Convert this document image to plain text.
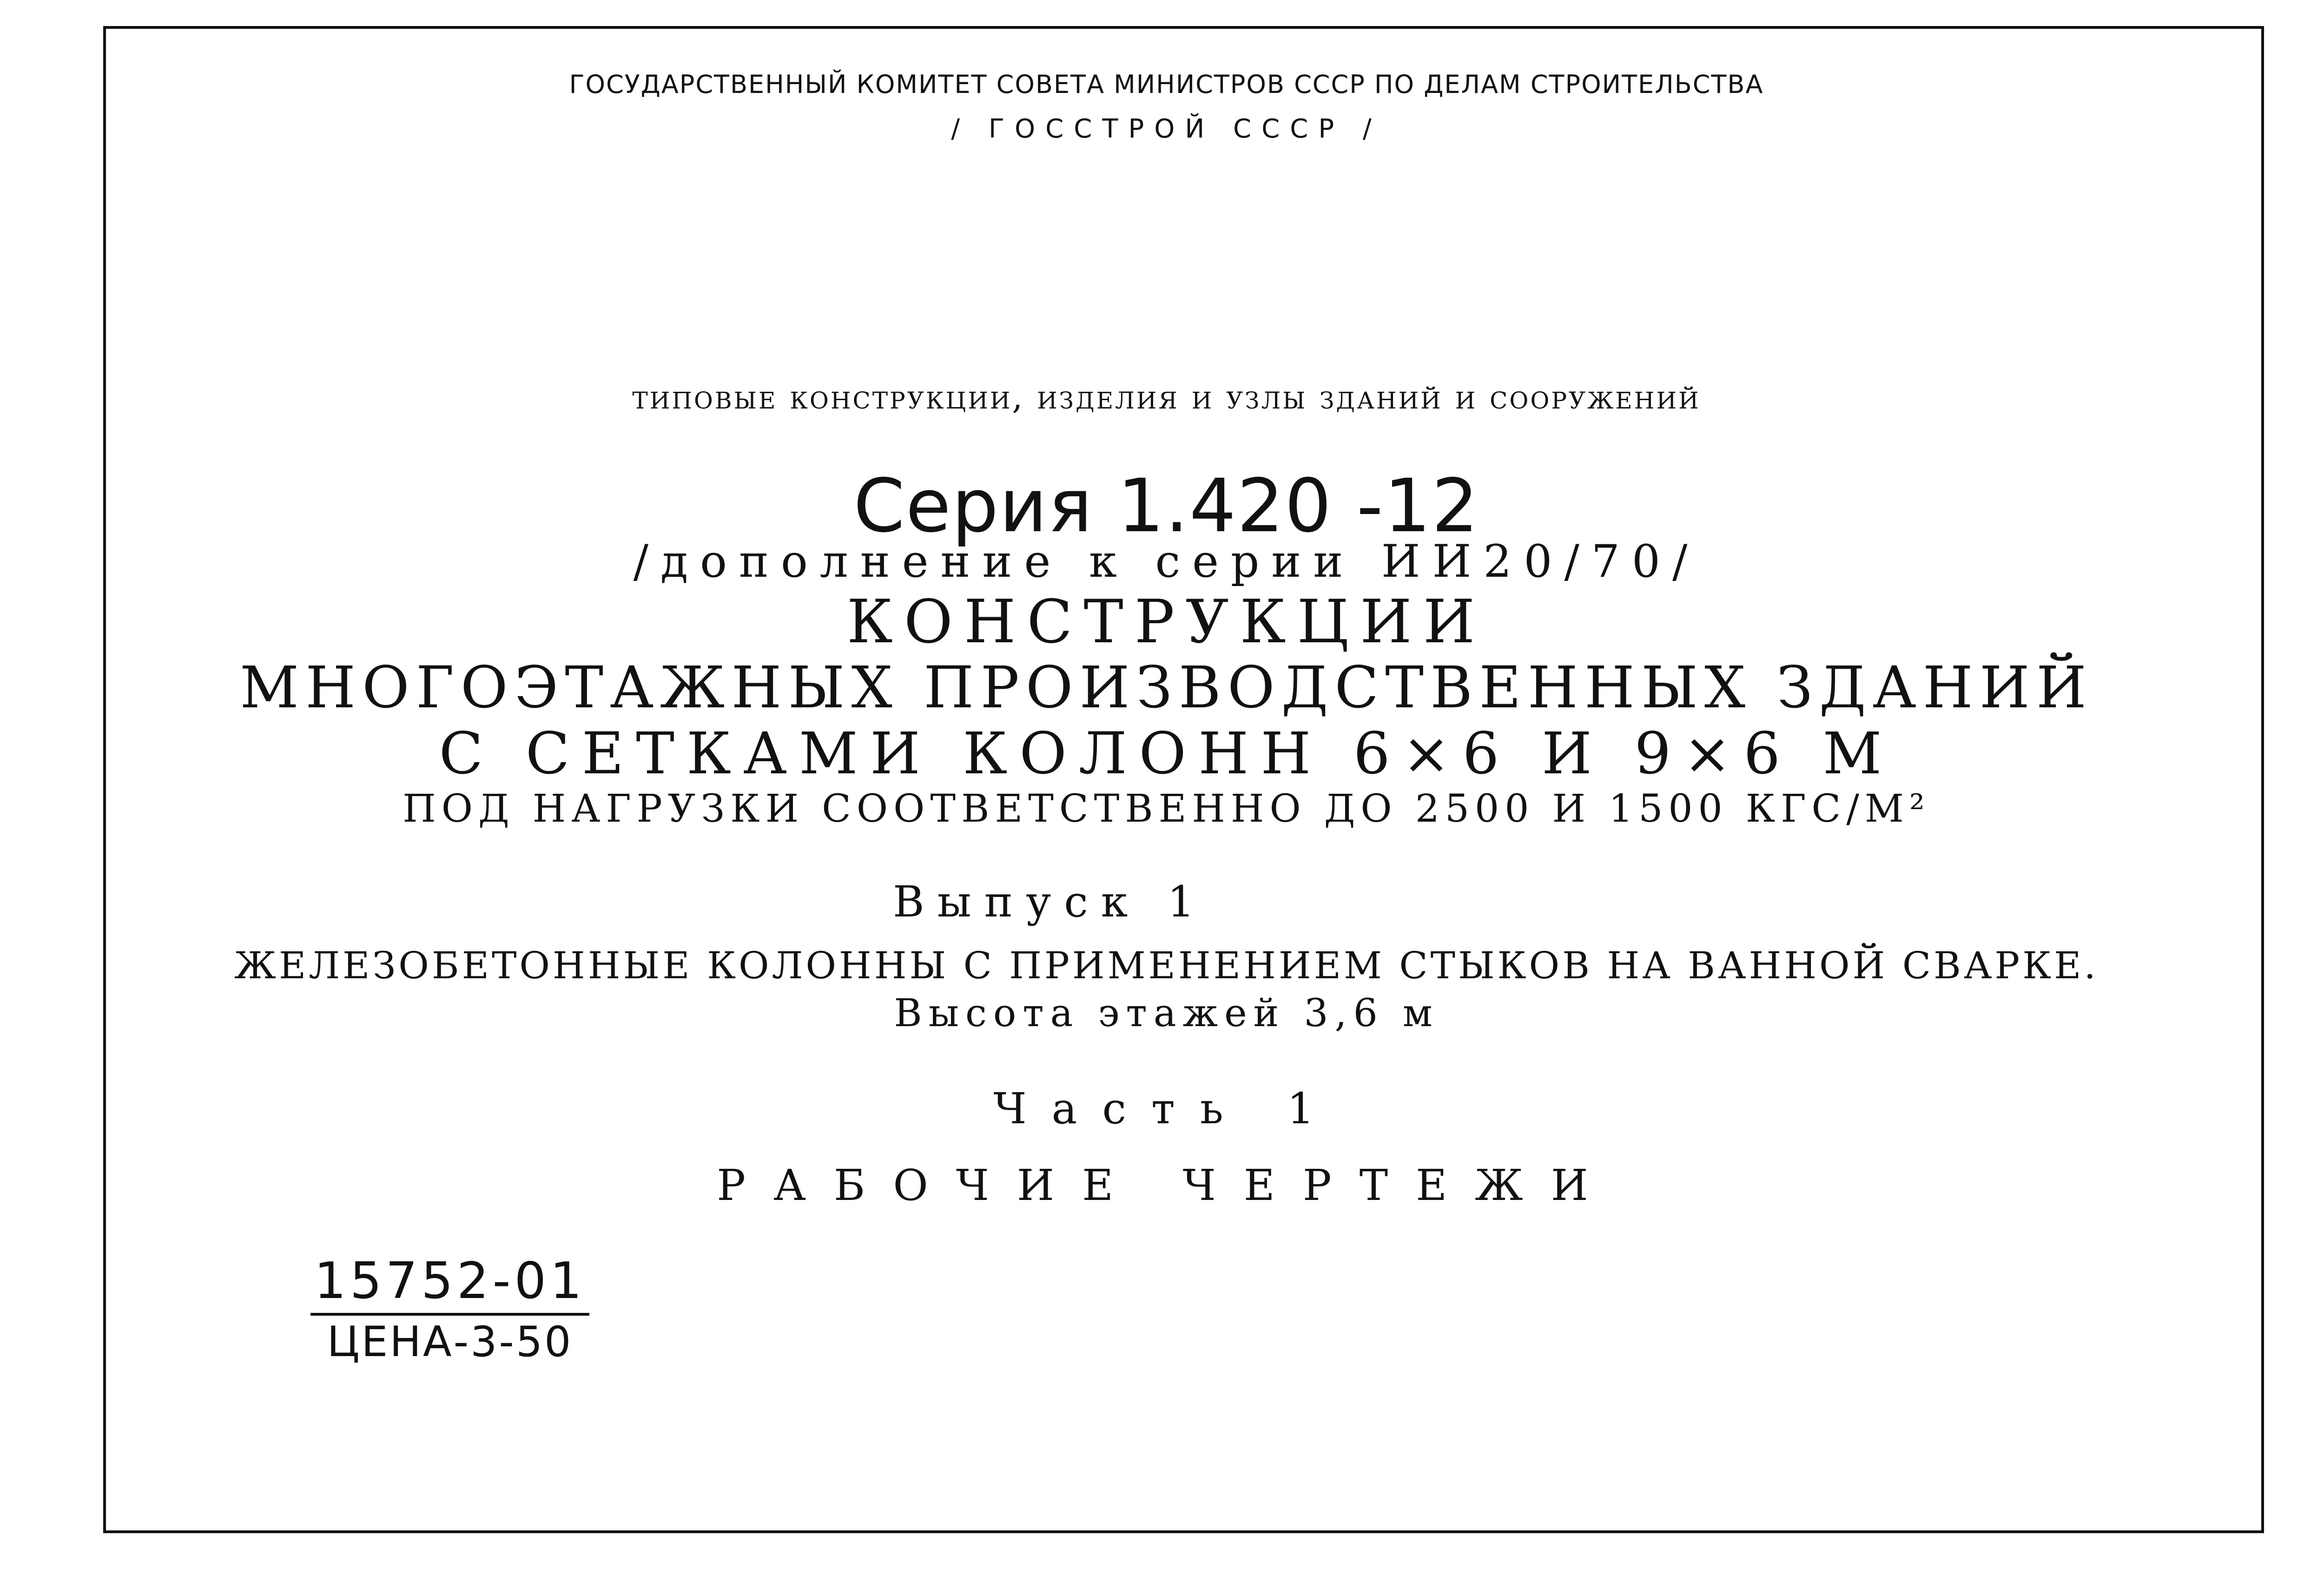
ГОСУДАРСТВЕННЫЙ КОМИТЕТ СОВЕТА МИНИСТРОВ СССР ПО ДЕЛАМ СТРОИТЕЛЬСТВА
/ ГОССТРОЙ СССР /
типовые конструкции, изделия и узлы зданий и сооружений
Серия 1.420 -12
/дополнение к серии ИИ20/70/
КОНСТРУКЦИИ
МНОГОЭТАЖНЫХ ПРОИЗВОДСТВЕННЫХ ЗДАНИЙ
С СЕТКАМИ КОЛОНН 6×6 И 9×6 М
ПОД НАГРУЗКИ СООТВЕТСТВЕННО ДО 2500 И 1500 КГС/М²
Выпуск 1
ЖЕЛЕЗОБЕТОННЫЕ КОЛОННЫ С ПРИМЕНЕНИЕМ СТЫКОВ НА ВАННОЙ СВАРКЕ.
Высота этажей 3,6 м
Часть 1
РАБОЧИЕ ЧЕРТЕЖИ
15752-01
ЦЕНА-3-50
